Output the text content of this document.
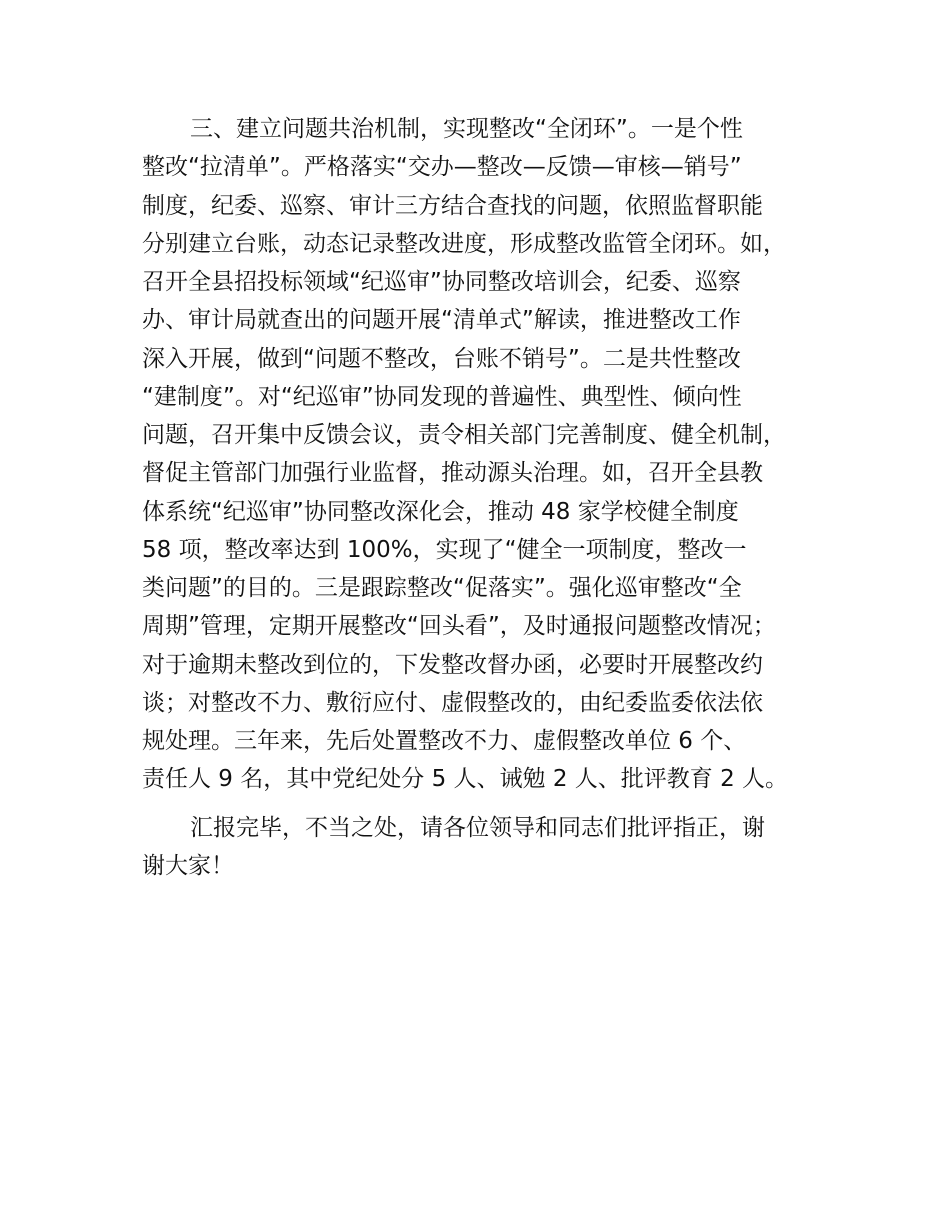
三、建立问题共治机制，实现整改“全闭环”。一是个性
整改“拉清单”。严格落实“交办—整改—反馈—审核—销号”
制度，纪委、巡察、审计三方结合查找的问题，依照监督职能
分别建立台账，动态记录整改进度，形成整改监管全闭环。如，
召开全县招投标领域“纪巡审”协同整改培训会，纪委、巡察
办、审计局就查出的问题开展“清单式”解读，推进整改工作
深入开展，做到“问题不整改，台账不销号”。二是共性整改
“建制度”。对“纪巡审”协同发现的普遍性、典型性、倾向性
问题，召开集中反馈会议，责令相关部门完善制度、健全机制，
督促主管部门加强行业监督，推动源头治理。如，召开全县教
体系统“纪巡审”协同整改深化会，推动 48 家学校健全制度
58 项，整改率达到 100%，实现了“健全一项制度，整改一
类问题”的目的。三是跟踪整改“促落实”。强化巡审整改“全
周期”管理，定期开展整改“回头看”，及时通报问题整改情况；
对于逾期未整改到位的，下发整改督办函，必要时开展整改约
谈；对整改不力、敷衍应付、虚假整改的，由纪委监委依法依
规处理。三年来，先后处置整改不力、虚假整改单位 6 个、
责任人 9 名，其中党纪处分 5 人、诫勉 2 人、批评教育 2 人。
汇报完毕，不当之处，请各位领导和同志们批评指正，谢
谢大家！
